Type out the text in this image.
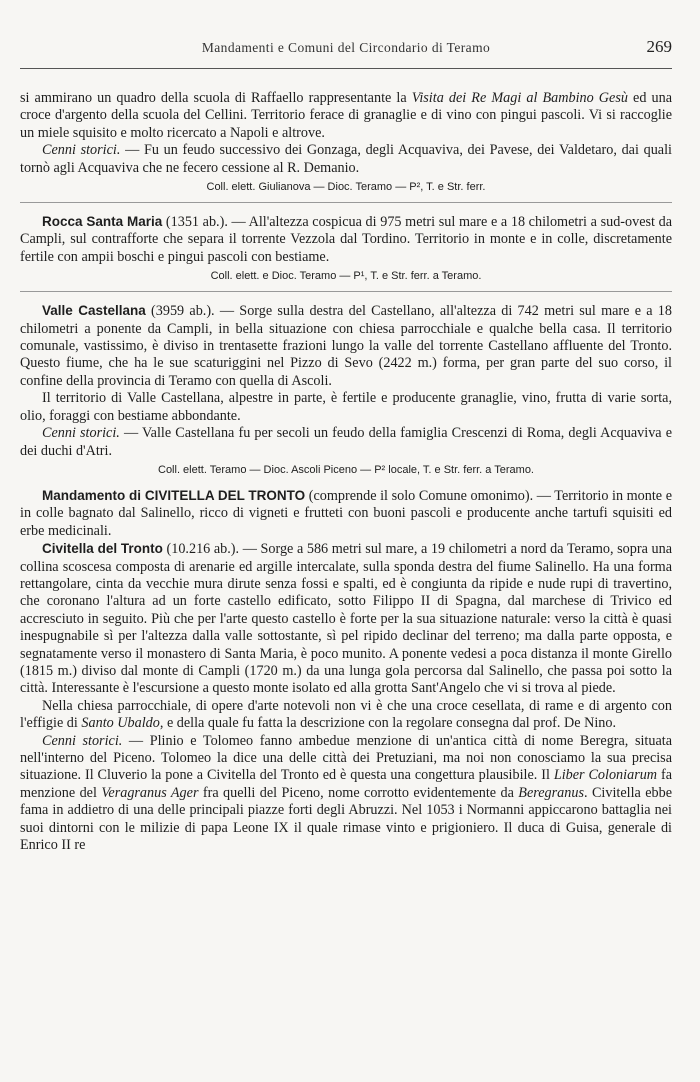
Mandamenti e Comuni del Circondario di Teramo	269

si ammirano un quadro della scuola di Raffaello rappresentante la Visita dei Re Magi al Bambino Gesù ed una croce d'argento della scuola del Cellini. Territorio ferace di granaglie e di vino con pingui pascoli. Vi si raccoglie un miele squisito e molto ricercato a Napoli e altrove.

Cenni storici. — Fu un feudo successivo dei Gonzaga, degli Acquaviva, dei Pavese, dei Valdetaro, dai quali tornò agli Acquaviva che ne fecero cessione al R. Demanio.

Coll. elett. Giulianova — Dioc. Teramo — P², T. e Str. ferr.

Rocca Santa Maria (1351 ab.). — All'altezza cospicua di 975 metri sul mare e a 18 chilometri a sud-ovest da Campli, sul contrafforte che separa il torrente Vezzola dal Tordino. Territorio in monte e in colle, discretamente fertile con ampii boschi e pingui pascoli con bestiame.

Coll. elett. e Dioc. Teramo — P¹, T. e Str. ferr. a Teramo.

Valle Castellana (3959 ab.). — Sorge sulla destra del Castellano, all'altezza di 742 metri sul mare e a 18 chilometri a ponente da Campli, in bella situazione con chiesa parrocchiale e qualche bella casa. Il territorio comunale, vastissimo, è diviso in trentasette frazioni lungo la valle del torrente Castellano affluente del Tronto. Questo fiume, che ha le sue scaturiggini nel Pizzo di Sevo (2422 m.) forma, per gran parte del suo corso, il confine della provincia di Teramo con quella di Ascoli.

Il territorio di Valle Castellana, alpestre in parte, è fertile e producente granaglie, vino, frutta di varie sorta, olio, foraggi con bestiame abbondante.

Cenni storici. — Valle Castellana fu per secoli un feudo della famiglia Crescenzi di Roma, degli Acquaviva e dei duchi d'Atri.

Coll. elett. Teramo — Dioc. Ascoli Piceno — P² locale, T. e Str. ferr. a Teramo.

Mandamento di CIVITELLA DEL TRONTO (comprende il solo Comune omonimo). — Territorio in monte e in colle bagnato dal Salinello, ricco di vigneti e frutteti con buoni pascoli e producente anche tartufi squisiti ed erbe medicinali.

Civitella del Tronto (10.216 ab.). — Sorge a 586 metri sul mare, a 19 chilometri a nord da Teramo, sopra una collina scoscesa composta di arenarie ed argille intercalate, sulla sponda destra del fiume Salinello. Ha una forma rettangolare, cinta da vecchie mura dirute senza fossi e spalti, ed è congiunta da ripide e nude rupi di travertino, che coronano l'altura ad un forte castello edificato, sotto Filippo II di Spagna, dal marchese di Trivico ed accresciuto in seguito. Più che per l'arte questo castello è forte per la sua situazione naturale: verso la città è quasi inespugnabile sì per l'altezza dalla valle sottostante, sì pel ripido declinar del terreno; ma dalla parte opposta, e segnatamente verso il monastero di Santa Maria, è poco munito. A ponente vedesi a poca distanza il monte Girello (1815 m.) diviso dal monte di Campli (1720 m.) da una lunga gola percorsa dal Salinello, che passa poi sotto la città. Interessante è l'escursione a questo monte isolato ed alla grotta Sant'Angelo che vi si trova al piede.

Nella chiesa parrocchiale, di opere d'arte notevoli non vi è che una croce cesellata, di rame e di argento con l'effigie di Santo Ubaldo, e della quale fu fatta la descrizione con la regolare consegna dal prof. De Nino.

Cenni storici. — Plinio e Tolomeo fanno ambedue menzione di un'antica città di nome Beregra, situata nell'interno del Piceno. Tolomeo la dice una delle città dei Pretuziani, ma noi non conosciamo la sua precisa situazione. Il Cluverio la pone a Civitella del Tronto ed è questa una congettura plausibile. Il Liber Coloniarum fa menzione del Veragranus Ager fra quelli del Piceno, nome corrotto evidentemente da Beregranus. Civitella ebbe fama in addietro di una delle principali piazze forti degli Abruzzi. Nel 1053 i Normanni appiccarono battaglia nei suoi dintorni con le milizie di papa Leone IX il quale rimase vinto e prigioniero. Il duca di Guisa, generale di Enrico II re
